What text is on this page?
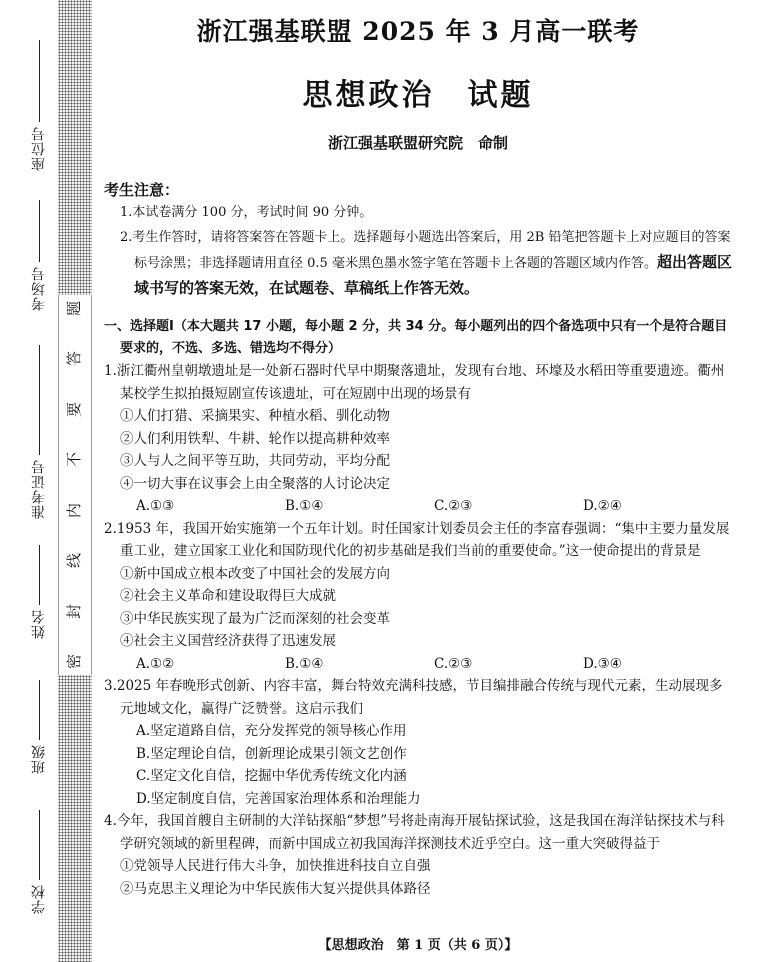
座位号
考场号
准考证号
姓名
班级
学校
题
答
要
不
内
线
封
密
浙江强基联盟 2025 年 3 月高一联考
思想政治　试题
浙江强基联盟研究院　命制
考生注意：
1.本试卷满分 100 分，考试时间 90 分钟。
2.考生作答时，请将答案答在答题卡上。选择题每小题选出答案后，用 2B 铅笔把答题卡上对应题目的答案标号涂黑；非选择题请用直径 0.5 毫米黑色墨水签字笔在答题卡上各题的答题区域内作答。超出答题区域书写的答案无效，在试题卷、草稿纸上作答无效。
一、选择题Ⅰ（本大题共 17 小题，每小题 2 分，共 34 分。每小题列出的四个备选项中只有一个是符合题目要求的，不选、多选、错选均不得分）
1.浙江衢州皇朝墩遗址是一处新石器时代早中期聚落遗址，发现有台地、环壕及水稻田等重要遗迹。衢州某校学生拟拍摄短剧宣传该遗址，可在短剧中出现的场景有
①人们打猎、采摘果实、种植水稻、驯化动物
②人们利用铁犁、牛耕、轮作以提高耕种效率
③人与人之间平等互助，共同劳动，平均分配
④一切大事在议事会上由全聚落的人讨论决定
A.①③	B.①④	C.②③	D.②④
2.1953 年，我国开始实施第一个五年计划。时任国家计划委员会主任的李富春强调：“集中主要力量发展重工业，建立国家工业化和国防现代化的初步基础是我们当前的重要使命。”这一使命提出的背景是
①新中国成立根本改变了中国社会的发展方向
②社会主义革命和建设取得巨大成就
③中华民族实现了最为广泛而深刻的社会变革
④社会主义国营经济获得了迅速发展
A.①②	B.①④	C.②③	D.③④
3.2025 年春晚形式创新、内容丰富，舞台特效充满科技感，节目编排融合传统与现代元素，生动展现多元地域文化，赢得广泛赞誉。这启示我们
A.坚定道路自信，充分发挥党的领导核心作用
B.坚定理论自信，创新理论成果引领文艺创作
C.坚定文化自信，挖掘中华优秀传统文化内涵
D.坚定制度自信，完善国家治理体系和治理能力
4.今年，我国首艘自主研制的大洋钻探船“梦想”号将赴南海开展钻探试验，这是我国在海洋钻探技术与科学研究领域的新里程碑，而新中国成立初我国海洋探测技术近乎空白。这一重大突破得益于
①党领导人民进行伟大斗争，加快推进科技自立自强
②马克思主义理论为中华民族伟大复兴提供具体路径
【思想政治　第 1 页（共 6 页）】
